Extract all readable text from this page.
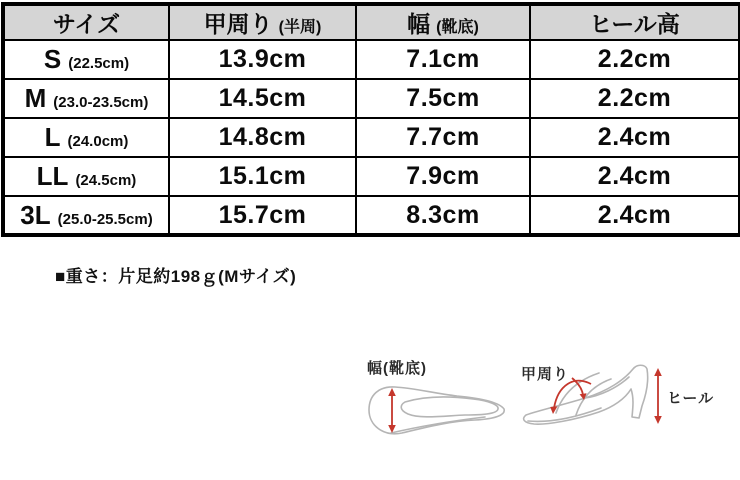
サイズ	甲周り (半周)	幅 (靴底)	ヒール高

S (22.5cm)	13.9cm	7.1cm	2.2cm

M (23.0-23.5cm)	14.5cm	7.5cm	2.2cm

L (24.0cm)	14.8cm	7.7cm	2.4cm

LL (24.5cm)	15.1cm	7.9cm	2.4cm

3L (25.0-25.5cm)	15.7cm	8.3cm	2.4cm
■重さ：片足約198ｇ(Mサイズ)
幅(靴底)	甲周り
ヒール
